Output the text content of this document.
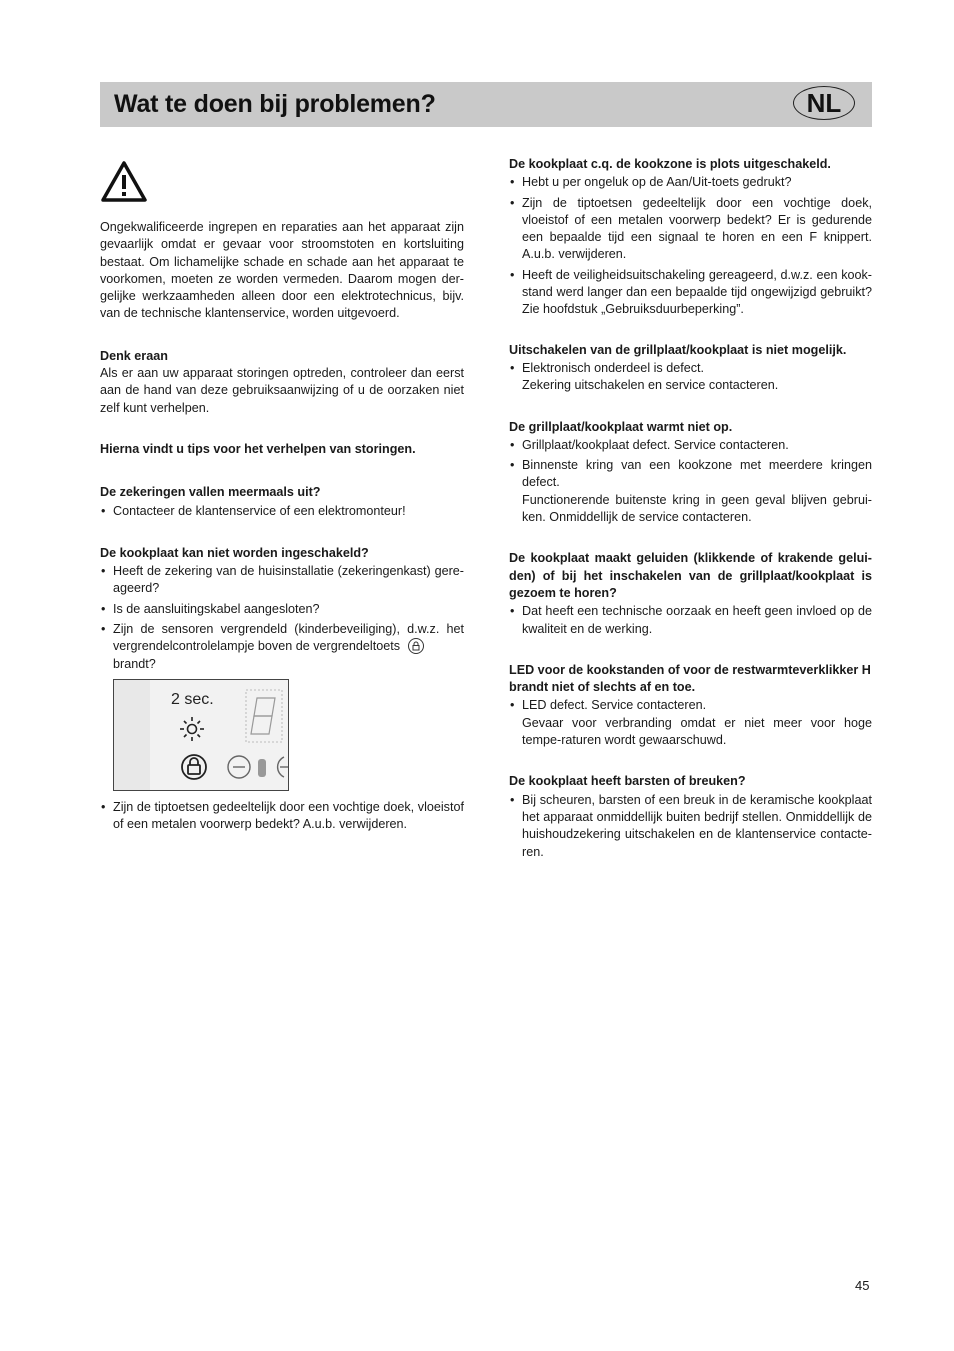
Wat te doen bij problemen?	NL

Ongekwalificeerde ingrepen en reparaties aan het apparaat zijn gevaarlijk omdat er gevaar voor stroomstoten en kortsluiting bestaat. Om lichamelijke schade en schade aan het apparaat te voorkomen, moeten ze worden vermeden. Daarom mogen der-gelijke werkzaamheden alleen door een elektrotechnicus, bijv. van de technische klantenservice, worden uitgevoerd.

Denk eraan

Als er aan uw apparaat storingen optreden, controleer dan eerst aan de hand van deze gebruiksaanwijzing of u de oorzaken niet zelf kunt verhelpen.

Hierna vindt u tips voor het verhelpen van storingen.
De zekeringen vallen meermaals uit?
• Contacteer de klantenservice of een elektromonteur!
De kookplaat kan niet worden ingeschakeld?
• Heeft de zekering van de huisinstallatie (zekeringenkast) gere-ageerd?
• Is de aansluitingskabel aangesloten?
• Zijn de sensoren vergrendeld (kinderbeveiliging), d.w.z. het vergrendelcontrolelampje boven de vergrendeltoets

brandt?
2 sec.
• Zijn de tiptoetsen gedeeltelijk door een vochtige doek, vloeistof of een metalen voorwerp bedekt? A.u.b. verwijderen.
De kookplaat c.q. de kookzone is plots uitgeschakeld.
• Hebt u per ongeluk op de Aan/Uit-toets gedrukt?
• Zijn de tiptoetsen gedeeltelijk door een vochtige doek, vloeistof of een metalen voorwerp bedekt? Er is gedurende een bepaalde tijd een signaal te horen en een F knippert. A.u.b. verwijderen.
• Heeft de veiligheidsuitschakeling gereageerd, d.w.z. een kook-stand werd langer dan een bepaalde tijd ongewijzigd gebruikt? Zie hoofdstuk „Gebruiksduurbeperking”.
Uitschakelen van de grillplaat/kookplaat is niet mogelijk.
• Elektronisch onderdeel is defect.
Zekering uitschakelen en service contacteren.
De grillplaat/kookplaat warmt niet op.
• Grillplaat/kookplaat defect. Service contacteren.
• Binnenste kring van een kookzone met meerdere kringen defect.
Functionerende buitenste kring in geen geval blijven gebrui-ken. Onmiddellijk de service contacteren.
De kookplaat maakt geluiden (klikkende of krakende gelui-den) of bij het inschakelen van de grillplaat/kookplaat is gezoem te horen?
• Dat heeft een technische oorzaak en heeft geen invloed op de kwaliteit en de werking.
LED voor de kookstanden of voor de restwarmteverklikker H brandt niet of slechts af en toe.
• LED defect. Service contacteren.
Gevaar voor verbranding omdat er niet meer voor hoge tempe-raturen wordt gewaarschuwd.
De kookplaat heeft barsten of breuken?
• Bij scheuren, barsten of een breuk in de keramische kookplaat het apparaat onmiddellijk buiten bedrijf stellen. Onmiddellijk de huishoudzekering uitschakelen en de klantenservice contacte-ren.
45
